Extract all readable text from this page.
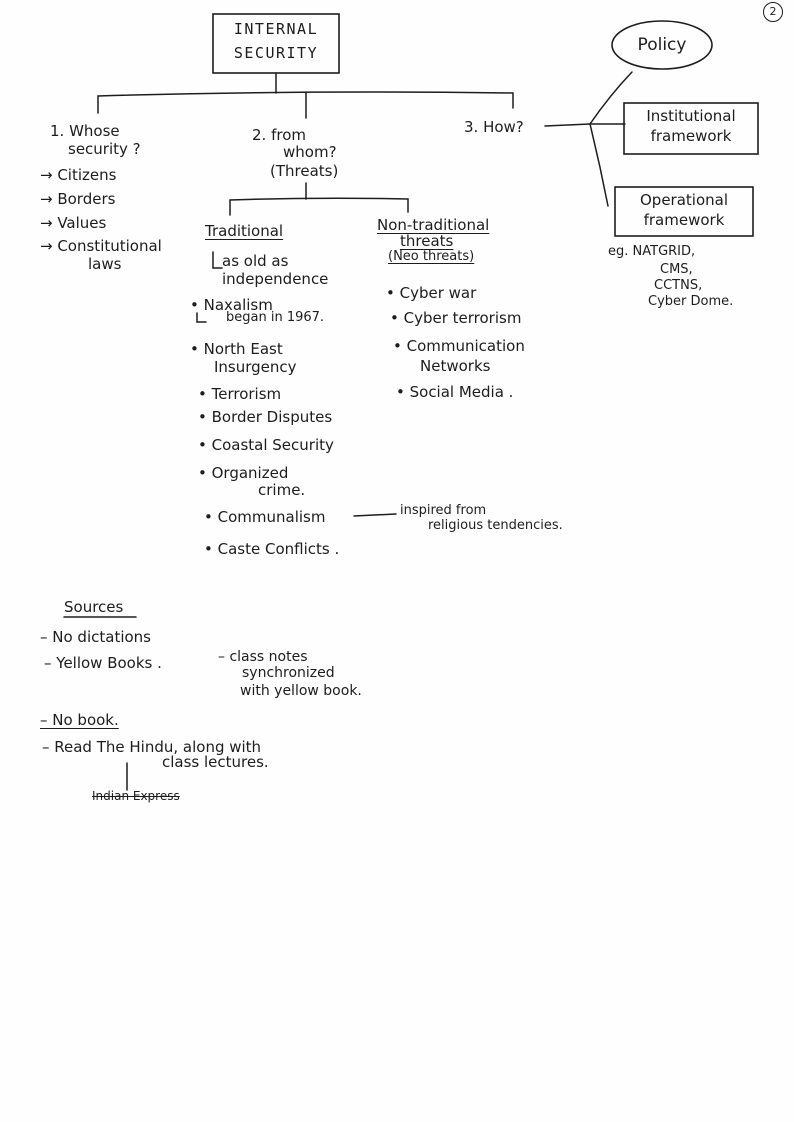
2
INTERNAL
SECURITY
1. Whose
security ?
→ Citizens
→ Borders
→ Values
→ Constitutional
laws
2. from
whom?
(Threats)
Traditional
as old as
independence
• Naxalism
began in 1967.
• North East
Insurgency
• Terrorism
• Border Disputes
• Coastal Security
• Organized
crime.
• Communalism	inspired from
religious tendencies.
• Caste Conflicts .
Non-traditional
threats
(Neo threats)
• Cyber war
• Cyber terrorism
• Communication
Networks
• Social Media .
3. How?
Policy
Institutional
framework
Operational
framework
eg. NATGRID,
CMS,
CCTNS,
Cyber Dome.
Sources
– No dictations
– Yellow Books .	– class notes
synchronized
with yellow book.
– No book.
– Read The Hindu, along with
class lectures.
Indian Express
